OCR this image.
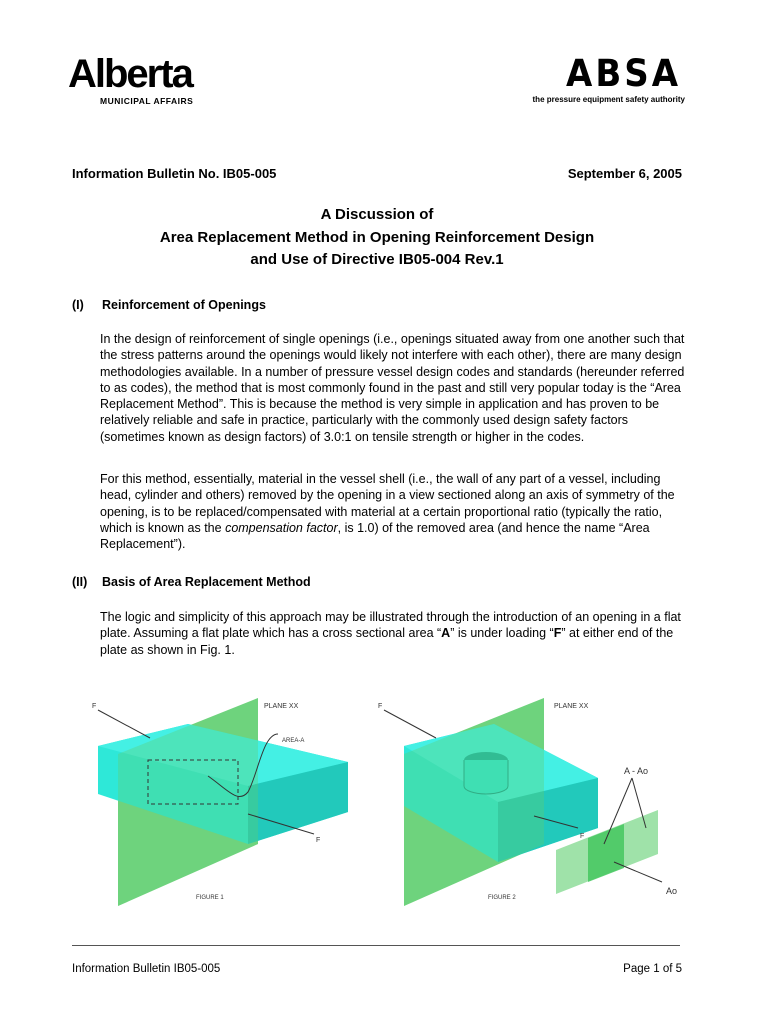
Alberta
MUNICIPAL AFFAIRS
ABSA
the pressure equipment safety authority
Information Bulletin No. IB05-005	September 6, 2005
A Discussion of
Area Replacement Method in Opening Reinforcement Design
and Use of Directive IB05-004 Rev.1
(I) Reinforcement of Openings
In the design of reinforcement of single openings (i.e., openings situated away from one another such that the stress patterns around the openings would likely not interfere with each other), there are many design methodologies available. In a number of pressure vessel design codes and standards (hereunder referred to as codes), the method that is most commonly found in the past and still very popular today is the “Area Replacement Method”. This is because the method is very simple in application and has proven to be relatively reliable and safe in practice, particularly with the commonly used design safety factors (sometimes known as design factors) of 3.0:1 on tensile strength or higher in the codes.
For this method, essentially, material in the vessel shell (i.e., the wall of any part of a vessel, including head, cylinder and others) removed by the opening in a view sectioned along an axis of symmetry of the opening, is to be replaced/compensated with material at a certain proportional ratio (typically the ratio, which is known as the compensation factor, is 1.0) of the removed area (and hence the name “Area Replacement”).
(II) Basis of Area Replacement Method
The logic and simplicity of this approach may be illustrated through the introduction of an opening in a flat plate. Assuming a flat plate which has a cross sectional area “A” is under loading “F” at either end of the plate as shown in Fig. 1.
F
F
PLANE XX
AREA-A
FIGURE 1
F
F
PLANE XX
A - Ao
Ao
FIGURE 2
Information Bulletin IB05-005	Page 1 of 5
